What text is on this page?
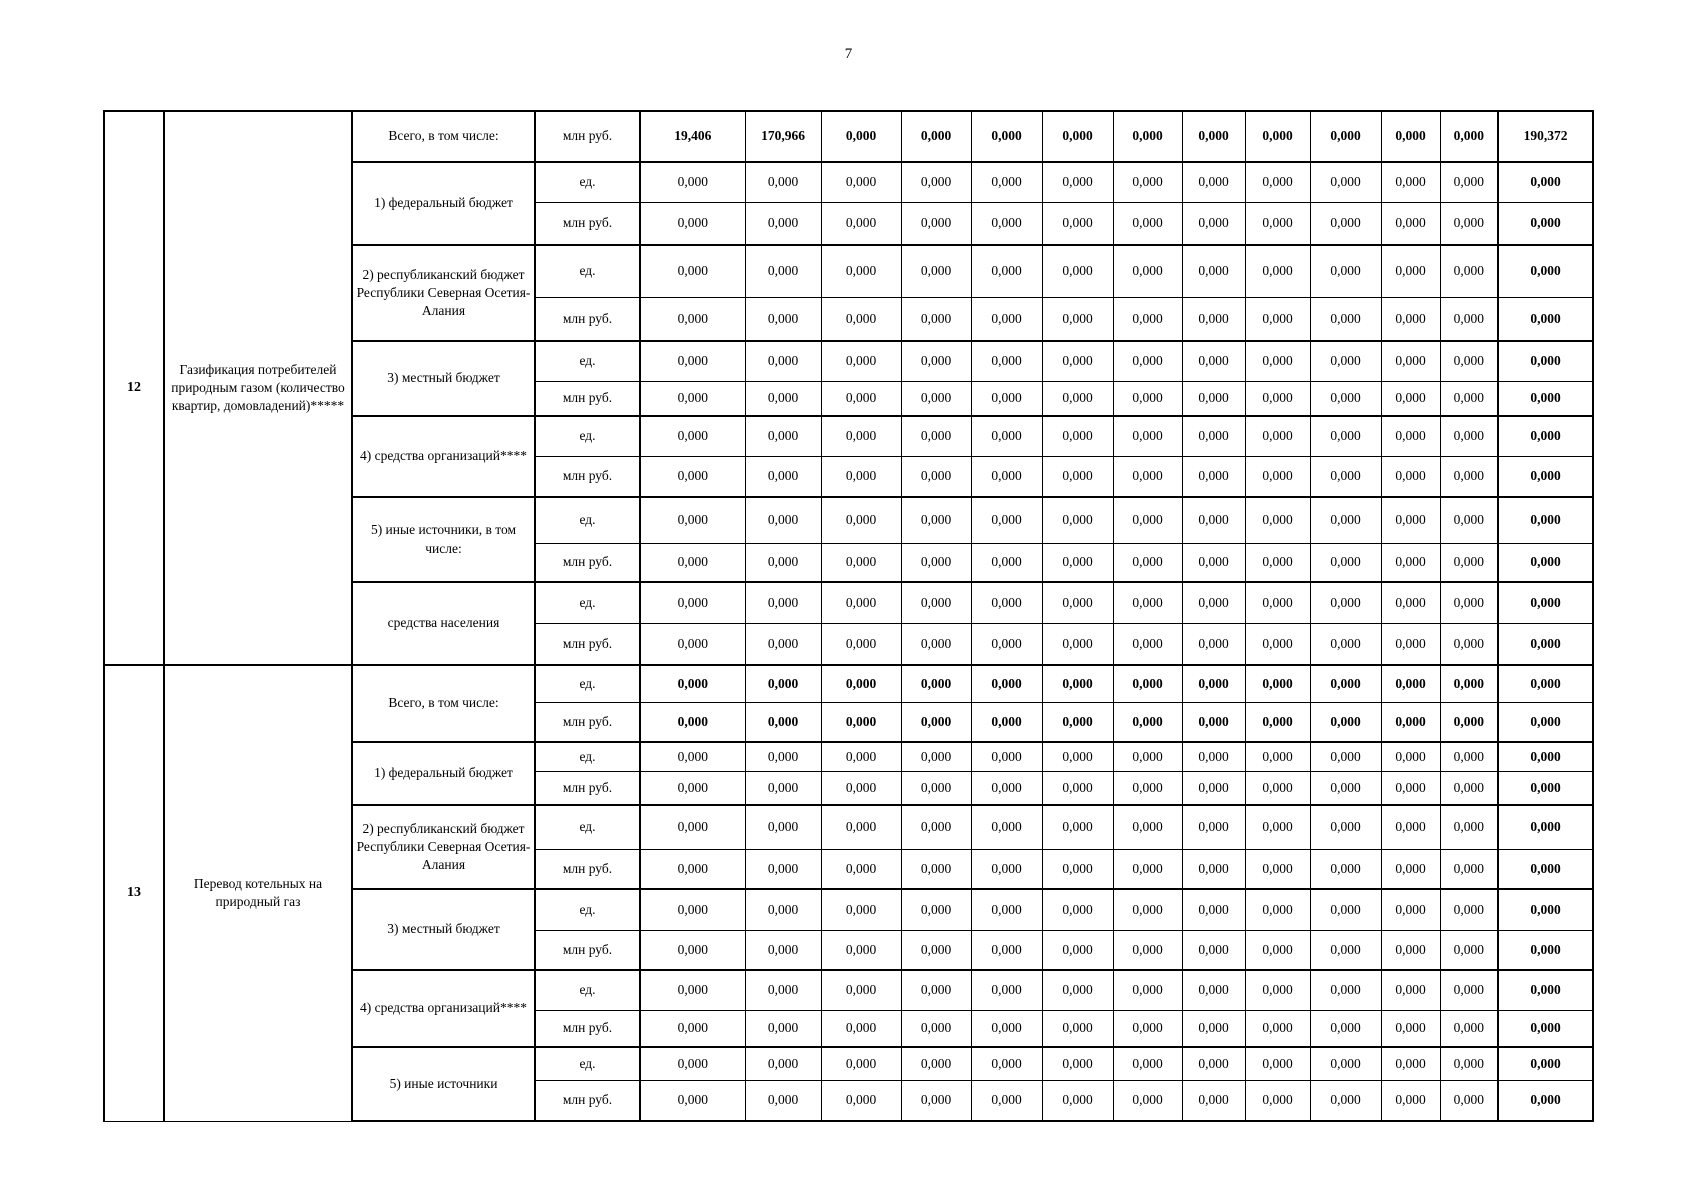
7
12	Газификация потребителей природным газом (количество квартир, домовладений)*****	Всего, в том числе:	млн руб.	19,406	170,966	0,000	0,000	0,000	0,000	0,000	0,000	0,000	0,000	0,000	0,000	190,372
		1) федеральный бюджет	ед.	0,000	0,000	0,000	0,000	0,000	0,000	0,000	0,000	0,000	0,000	0,000	0,000	0,000
			млн руб.	0,000	0,000	0,000	0,000	0,000	0,000	0,000	0,000	0,000	0,000	0,000	0,000	0,000
		2) республиканский бюджет Республики Северная Осетия-Алания	ед.	0,000	0,000	0,000	0,000	0,000	0,000	0,000	0,000	0,000	0,000	0,000	0,000	0,000
			млн руб.	0,000	0,000	0,000	0,000	0,000	0,000	0,000	0,000	0,000	0,000	0,000	0,000	0,000
		3) местный бюджет	ед.	0,000	0,000	0,000	0,000	0,000	0,000	0,000	0,000	0,000	0,000	0,000	0,000	0,000
			млн руб.	0,000	0,000	0,000	0,000	0,000	0,000	0,000	0,000	0,000	0,000	0,000	0,000	0,000
		4) средства организаций****	ед.	0,000	0,000	0,000	0,000	0,000	0,000	0,000	0,000	0,000	0,000	0,000	0,000	0,000
			млн руб.	0,000	0,000	0,000	0,000	0,000	0,000	0,000	0,000	0,000	0,000	0,000	0,000	0,000
		5) иные источники, в том числе:	ед.	0,000	0,000	0,000	0,000	0,000	0,000	0,000	0,000	0,000	0,000	0,000	0,000	0,000
			млн руб.	0,000	0,000	0,000	0,000	0,000	0,000	0,000	0,000	0,000	0,000	0,000	0,000	0,000
		средства населения	ед.	0,000	0,000	0,000	0,000	0,000	0,000	0,000	0,000	0,000	0,000	0,000	0,000	0,000
			млн руб.	0,000	0,000	0,000	0,000	0,000	0,000	0,000	0,000	0,000	0,000	0,000	0,000	0,000
13	Перевод котельных на природный газ	Всего, в том числе:	ед.	0,000	0,000	0,000	0,000	0,000	0,000	0,000	0,000	0,000	0,000	0,000	0,000	0,000
			млн руб.	0,000	0,000	0,000	0,000	0,000	0,000	0,000	0,000	0,000	0,000	0,000	0,000	0,000
		1) федеральный бюджет	ед.	0,000	0,000	0,000	0,000	0,000	0,000	0,000	0,000	0,000	0,000	0,000	0,000	0,000
			млн руб.	0,000	0,000	0,000	0,000	0,000	0,000	0,000	0,000	0,000	0,000	0,000	0,000	0,000
		2) республиканский бюджет Республики Северная Осетия-Алания	ед.	0,000	0,000	0,000	0,000	0,000	0,000	0,000	0,000	0,000	0,000	0,000	0,000	0,000
			млн руб.	0,000	0,000	0,000	0,000	0,000	0,000	0,000	0,000	0,000	0,000	0,000	0,000	0,000
		3) местный бюджет	ед.	0,000	0,000	0,000	0,000	0,000	0,000	0,000	0,000	0,000	0,000	0,000	0,000	0,000
			млн руб.	0,000	0,000	0,000	0,000	0,000	0,000	0,000	0,000	0,000	0,000	0,000	0,000	0,000
		4) средства организаций****	ед.	0,000	0,000	0,000	0,000	0,000	0,000	0,000	0,000	0,000	0,000	0,000	0,000	0,000
			млн руб.	0,000	0,000	0,000	0,000	0,000	0,000	0,000	0,000	0,000	0,000	0,000	0,000	0,000
		5) иные источники	ед.	0,000	0,000	0,000	0,000	0,000	0,000	0,000	0,000	0,000	0,000	0,000	0,000	0,000
			млн руб.	0,000	0,000	0,000	0,000	0,000	0,000	0,000	0,000	0,000	0,000	0,000	0,000	0,000
